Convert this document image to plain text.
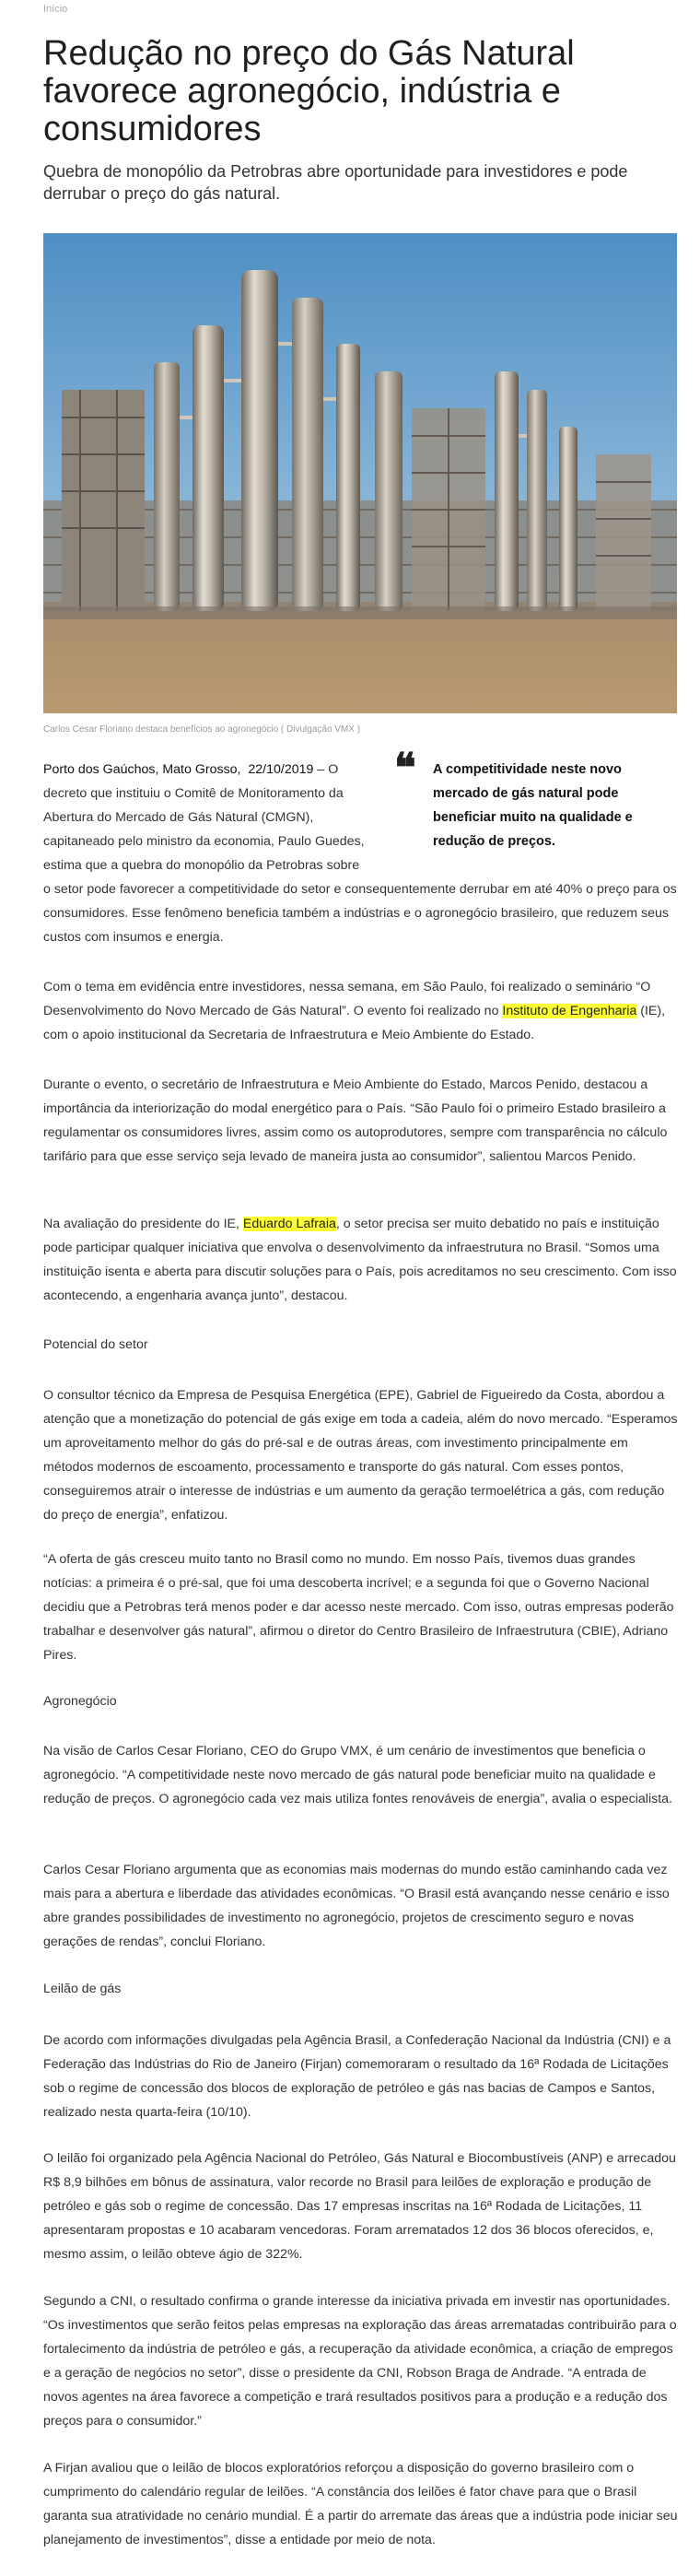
Início
Redução no preço do Gás Natural favorece agronegócio, indústria e consumidores

Quebra de monopólio da Petrobras abre oportunidade para investidores e pode derrubar o preço do gás natural.

Carlos Cesar Floriano destaca benefícios ao agronegócio ( Divulgação VMX )
Porto dos Gaúchos, Mato Grosso, 22/10/2019 – O decreto que instituiu o Comitê de Monitoramento da Abertura do Mercado de Gás Natural (CMGN), capitaneado pelo ministro da economia, Paulo Guedes, estima que a quebra do monopólio da Petrobras sobre
o setor pode favorecer a competitividade do setor e consequentemente derrubar em até 40% o preço para os consumidores. Esse fenômeno beneficia também a indústrias e o agronegócio brasileiro, que reduzem seus custos com insumos e energia.
❝ A competitividade neste novo mercado de gás natural pode beneficiar muito na qualidade e redução de preços.

Com o tema em evidência entre investidores, nessa semana, em São Paulo, foi realizado o seminário “O Desenvolvimento do Novo Mercado de Gás Natural”. O evento foi realizado no Instituto de Engenharia (IE), com o apoio institucional da Secretaria de Infraestrutura e Meio Ambiente do Estado.

Durante o evento, o secretário de Infraestrutura e Meio Ambiente do Estado, Marcos Penido, destacou a importância da interiorização do modal energético para o País. “São Paulo foi o primeiro Estado brasileiro a regulamentar os consumidores livres, assim como os autoprodutores, sempre com transparência no cálculo tarifário para que esse serviço seja levado de maneira justa ao consumidor”, salientou Marcos Penido.

Na avaliação do presidente do IE, Eduardo Lafraia, o setor precisa ser muito debatido no país e instituição pode participar qualquer iniciativa que envolva o desenvolvimento da infraestrutura no Brasil. “Somos uma instituição isenta e aberta para discutir soluções para o País, pois acreditamos no seu crescimento. Com isso acontecendo, a engenharia avança junto”, destacou.

Potencial do setor

O consultor técnico da Empresa de Pesquisa Energética (EPE), Gabriel de Figueiredo da Costa, abordou a atenção que a monetização do potencial de gás exige em toda a cadeia, além do novo mercado. “Esperamos um aproveitamento melhor do gás do pré-sal e de outras áreas, com investimento principalmente em métodos modernos de escoamento, processamento e transporte do gás natural. Com esses pontos, conseguiremos atrair o interesse de indústrias e um aumento da geração termoelétrica a gás, com redução do preço de energia”, enfatizou.

“A oferta de gás cresceu muito tanto no Brasil como no mundo. Em nosso País, tivemos duas grandes notícias: a primeira é o pré-sal, que foi uma descoberta incrível; e a segunda foi que o Governo Nacional decidiu que a Petrobras terá menos poder e dar acesso neste mercado. Com isso, outras empresas poderão trabalhar e desenvolver gás natural”, afirmou o diretor do Centro Brasileiro de Infraestrutura (CBIE), Adriano Pires.

Agronegócio

Na visão de Carlos Cesar Floriano, CEO do Grupo VMX, é um cenário de investimentos que beneficia o agronegócio. “A competitividade neste novo mercado de gás natural pode beneficiar muito na qualidade e redução de preços. O agronegócio cada vez mais utiliza fontes renováveis de energia”, avalia o especialista.

Carlos Cesar Floriano argumenta que as economias mais modernas do mundo estão caminhando cada vez mais para a abertura e liberdade das atividades econômicas. “O Brasil está avançando nesse cenário e isso abre grandes possibilidades de investimento no agronegócio, projetos de crescimento seguro e novas gerações de rendas”, conclui Floriano.

Leilão de gás

De acordo com informações divulgadas pela Agência Brasil, a Confederação Nacional da Indústria (CNI) e a Federação das Indústrias do Rio de Janeiro (Firjan) comemoraram o resultado da 16ª Rodada de Licitações sob o regime de concessão dos blocos de exploração de petróleo e gás nas bacias de Campos e Santos, realizado nesta quarta-feira (10/10).

O leilão foi organizado pela Agência Nacional do Petróleo, Gás Natural e Biocombustíveis (ANP) e arrecadou R$ 8,9 bilhões em bônus de assinatura, valor recorde no Brasil para leilões de exploração e produção de petróleo e gás sob o regime de concessão. Das 17 empresas inscritas na 16ª Rodada de Licitações, 11 apresentaram propostas e 10 acabaram vencedoras. Foram arrematados 12 dos 36 blocos oferecidos, e, mesmo assim, o leilão obteve ágio de 322%.

Segundo a CNI, o resultado confirma o grande interesse da iniciativa privada em investir nas oportunidades. “Os investimentos que serão feitos pelas empresas na exploração das áreas arrematadas contribuirão para o fortalecimento da indústria de petróleo e gás, a recuperação da atividade econômica, a criação de empregos e a geração de negócios no setor”, disse o presidente da CNI, Robson Braga de Andrade. “A entrada de novos agentes na área favorece a competição e trará resultados positivos para a produção e a redução dos preços para o consumidor.”

A Firjan avaliou que o leilão de blocos exploratórios reforçou a disposição do governo brasileiro com o cumprimento do calendário regular de leilões. “A constância dos leilões é fator chave para que o Brasil garanta sua atratividade no cenário mundial. É a partir do arremate das áreas que a indústria pode iniciar seu planejamento de investimentos”, disse a entidade por meio de nota.
